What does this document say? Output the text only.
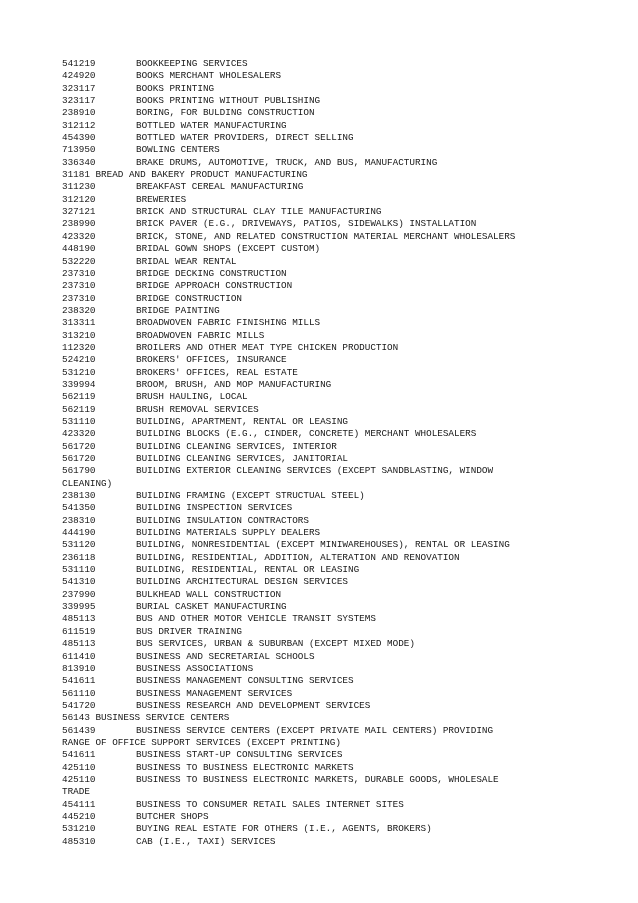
541219	BOOKKEEPING SERVICES
424920	BOOKS MERCHANT WHOLESALERS
323117	BOOKS PRINTING
323117	BOOKS PRINTING WITHOUT PUBLISHING
238910	BORING, FOR BULDING CONSTRUCTION
312112	BOTTLED WATER MANUFACTURING
454390	BOTTLED WATER PROVIDERS, DIRECT SELLING
713950	BOWLING CENTERS
336340	BRAKE DRUMS, AUTOMOTIVE, TRUCK, AND BUS, MANUFACTURING
31181 BREAD AND BAKERY PRODUCT MANUFACTURING
311230	BREAKFAST CEREAL MANUFACTURING
312120	BREWERIES
327121	BRICK AND STRUCTURAL CLAY TILE MANUFACTURING
238990	BRICK PAVER (E.G., DRIVEWAYS, PATIOS, SIDEWALKS) INSTALLATION
423320	BRICK, STONE, AND RELATED CONSTRUCTION MATERIAL MERCHANT WHOLESALERS
448190	BRIDAL GOWN SHOPS (EXCEPT CUSTOM)
532220	BRIDAL WEAR RENTAL
237310	BRIDGE DECKING CONSTRUCTION
237310	BRIDGE APPROACH CONSTRUCTION
237310	BRIDGE CONSTRUCTION
238320	BRIDGE PAINTING
313311	BROADWOVEN FABRIC FINISHING MILLS
313210	BROADWOVEN FABRIC MILLS
112320	BROILERS AND OTHER MEAT TYPE CHICKEN PRODUCTION
524210	BROKERS' OFFICES, INSURANCE
531210	BROKERS' OFFICES, REAL ESTATE
339994	BROOM, BRUSH, AND MOP MANUFACTURING
562119	BRUSH HAULING, LOCAL
562119	BRUSH REMOVAL SERVICES
531110	BUILDING, APARTMENT, RENTAL OR LEASING
423320	BUILDING BLOCKS (E.G., CINDER, CONCRETE) MERCHANT WHOLESALERS
561720	BUILDING CLEANING SERVICES, INTERIOR
561720	BUILDING CLEANING SERVICES, JANITORIAL
561790	BUILDING EXTERIOR CLEANING SERVICES (EXCEPT SANDBLASTING, WINDOW
CLEANING)
238130	BUILDING FRAMING (EXCEPT STRUCTUAL STEEL)
541350	BUILDING INSPECTION SERVICES
238310	BUILDING INSULATION CONTRACTORS
444190	BUILDING MATERIALS SUPPLY DEALERS
531120	BUILDING, NONRESIDENTIAL (EXCEPT MINIWAREHOUSES), RENTAL OR LEASING
236118	BUILDING, RESIDENTIAL, ADDITION, ALTERATION AND RENOVATION
531110	BUILDING, RESIDENTIAL, RENTAL OR LEASING
541310	BUILDING ARCHITECTURAL DESIGN SERVICES
237990	BULKHEAD WALL CONSTRUCTION
339995	BURIAL CASKET MANUFACTURING
485113	BUS AND OTHER MOTOR VEHICLE TRANSIT SYSTEMS
611519	BUS DRIVER TRAINING
485113	BUS SERVICES, URBAN & SUBURBAN (EXCEPT MIXED MODE)
611410	BUSINESS AND SECRETARIAL SCHOOLS
813910	BUSINESS ASSOCIATIONS
541611	BUSINESS MANAGEMENT CONSULTING SERVICES
561110	BUSINESS MANAGEMENT SERVICES
541720	BUSINESS RESEARCH AND DEVELOPMENT SERVICES
56143 BUSINESS SERVICE CENTERS
561439	BUSINESS SERVICE CENTERS (EXCEPT PRIVATE MAIL CENTERS) PROVIDING
RANGE OF OFFICE SUPPORT SERVICES (EXCEPT PRINTING)
541611	BUSINESS START-UP CONSULTING SERVICES
425110	BUSINESS TO BUSINESS ELECTRONIC MARKETS
425110	BUSINESS TO BUSINESS ELECTRONIC MARKETS, DURABLE GOODS, WHOLESALE
TRADE
454111	BUSINESS TO CONSUMER RETAIL SALES INTERNET SITES
445210	BUTCHER SHOPS
531210	BUYING REAL ESTATE FOR OTHERS (I.E., AGENTS, BROKERS)
485310	CAB (I.E., TAXI) SERVICES
